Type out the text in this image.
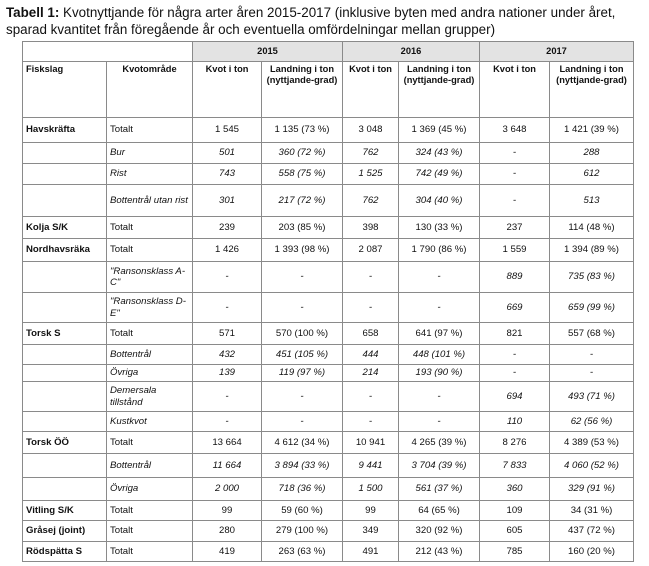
Tabell 1: Kvotnyttjande för några arter åren 2015-2017 (inklusive byten med andra nationer under året, sparad kvantitet från föregående år och eventuella omfördelningar mellan grupper)
		2015		2016		2017	
Fiskslag	Kvotområde	Kvot i ton	Landning i ton (nyttjande-grad)	Kvot i ton	Landning i ton (nyttjande-grad)	Kvot i ton	Landning i ton (nyttjande-grad)
Havskräfta	Totalt	1 545	1 135 (73 %)	3 048	1 369 (45 %)	3 648	1 421 (39 %)
	Bur	501	360 (72 %)	762	324 (43 %)	-	288
	Rist	743	558 (75 %)	1 525	742 (49 %)	-	612
	Bottentrål utan rist	301	217 (72 %)	762	304 (40 %)	-	513
Kolja S/K	Totalt	239	203 (85 %)	398	130 (33 %)	237	114 (48 %)
Nordhavsräka	Totalt	1 426	1 393 (98 %)	2 087	1 790 (86 %)	1 559	1 394 (89 %)
	"Ransonsklass A-C"	-	-	-	-	889	735 (83 %)
	"Ransonsklass D-E"	-	-	-	-	669	659 (99 %)
Torsk S	Totalt	571	570 (100 %)	658	641 (97 %)	821	557 (68 %)
	Bottentrål	432	451 (105 %)	444	448 (101 %)	-	-
	Övriga	139	119 (97 %)	214	193 (90 %)	-	-
	Demersala tillstånd	-	-	-	-	694	493 (71 %)
	Kustkvot	-	-	-	-	110	62 (56 %)
Torsk ÖÖ	Totalt	13 664	4 612 (34 %)	10 941	4 265 (39 %)	8 276	4 389 (53 %)
	Bottentrål	11 664	3 894 (33 %)	9 441	3 704 (39 %)	7 833	4 060 (52 %)
	Övriga	2 000	718 (36 %)	1 500	561 (37 %)	360	329 (91 %)
Vitling S/K	Totalt	99	59 (60 %)	99	64 (65 %)	109	34 (31 %)
Gråsej (joint)	Totalt	280	279 (100 %)	349	320 (92 %)	605	437 (72 %)
Rödspätta S	Totalt	419	263 (63 %)	491	212 (43 %)	785	160 (20 %)
